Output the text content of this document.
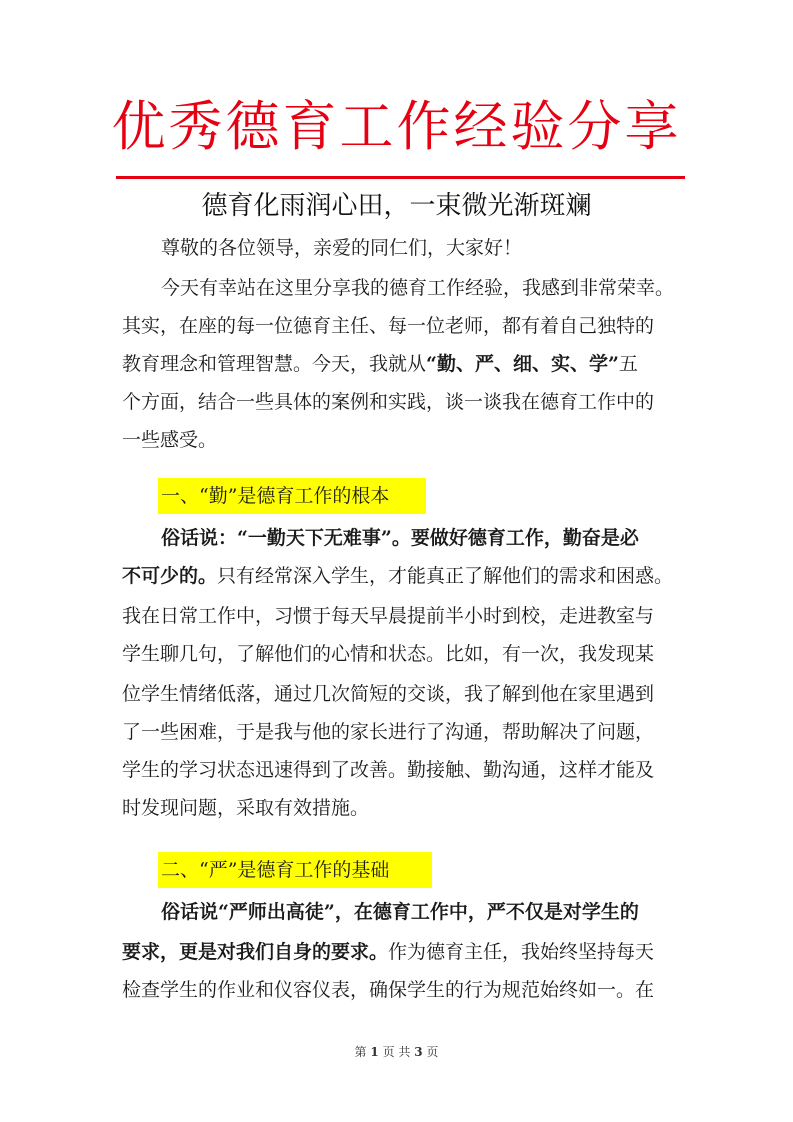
优秀德育工作经验分享
德育化雨润心田，一束微光渐斑斓
尊敬的各位领导，亲爱的同仁们，大家好！
今天有幸站在这里分享我的德育工作经验，我感到非常荣幸。
其实，在座的每一位德育主任、每一位老师，都有着自己独特的
教育理念和管理智慧。今天，我就从“勤、严、细、实、学”五
个方面，结合一些具体的案例和实践，谈一谈我在德育工作中的
一些感受。
一、“勤”是德育工作的根本
俗话说：“一勤天下无难事”。要做好德育工作，勤奋是必
不可少的。只有经常深入学生，才能真正了解他们的需求和困惑。
我在日常工作中，习惯于每天早晨提前半小时到校，走进教室与
学生聊几句，了解他们的心情和状态。比如，有一次，我发现某
位学生情绪低落，通过几次简短的交谈，我了解到他在家里遇到
了一些困难，于是我与他的家长进行了沟通，帮助解决了问题，
学生的学习状态迅速得到了改善。勤接触、勤沟通，这样才能及
时发现问题，采取有效措施。
二、“严”是德育工作的基础
俗话说“严师出高徒”，在德育工作中，严不仅是对学生的
要求，更是对我们自身的要求。作为德育主任，我始终坚持每天
检查学生的作业和仪容仪表，确保学生的行为规范始终如一。在
第 1 页 共 3 页
